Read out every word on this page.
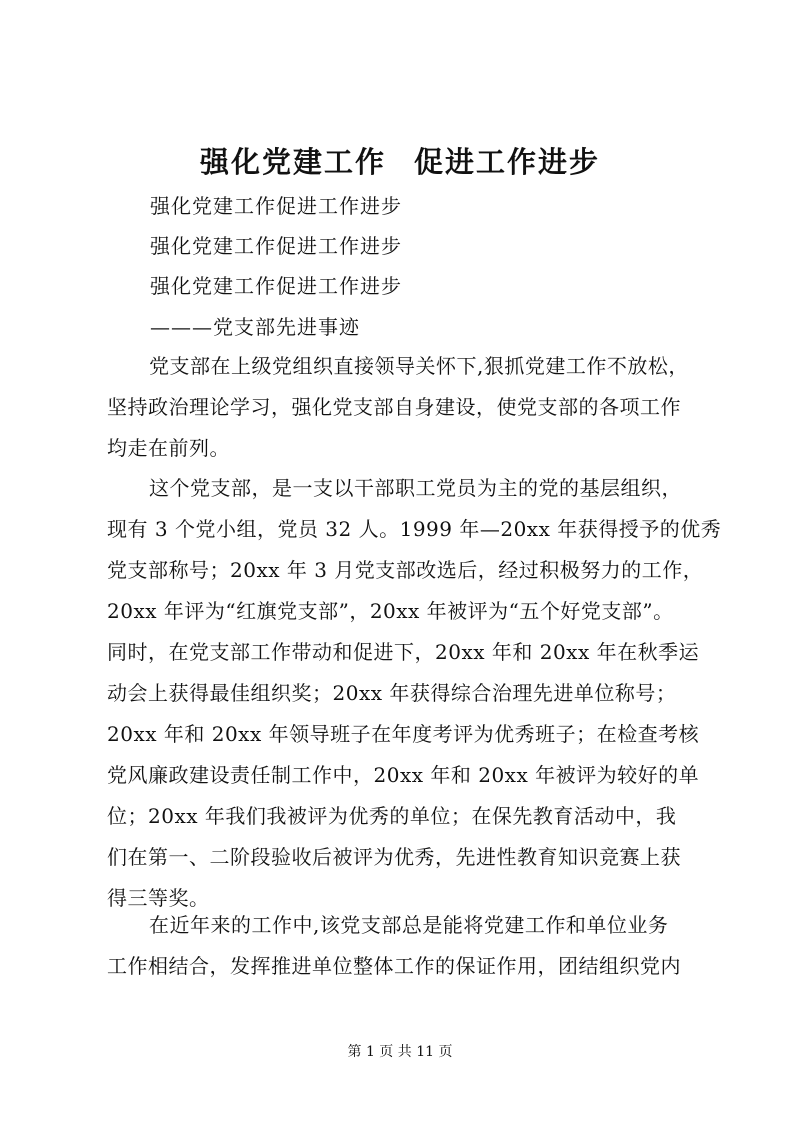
强化党建工作 促进工作进步
强化党建工作促进工作进步
强化党建工作促进工作进步
强化党建工作促进工作进步
———党支部先进事迹
党支部在上级党组织直接领导关怀下,狠抓党建工作不放松，
坚持政治理论学习，强化党支部自身建设，使党支部的各项工作
均走在前列。
这个党支部，是一支以干部职工党员为主的党的基层组织，
现有 3 个党小组，党员 32 人。1999 年—20xx 年获得授予的优秀
党支部称号；20xx 年 3 月党支部改选后，经过积极努力的工作，
20xx 年评为“红旗党支部”，20xx 年被评为“五个好党支部”。
同时，在党支部工作带动和促进下，20xx 年和 20xx 年在秋季运
动会上获得最佳组织奖；20xx 年获得综合治理先进单位称号；
20xx 年和 20xx 年领导班子在年度考评为优秀班子；在检查考核
党风廉政建设责任制工作中，20xx 年和 20xx 年被评为较好的单
位；20xx 年我们我被评为优秀的单位；在保先教育活动中，我
们在第一、二阶段验收后被评为优秀，先进性教育知识竞赛上获
得三等奖。
在近年来的工作中,该党支部总是能将党建工作和单位业务
工作相结合，发挥推进单位整体工作的保证作用，团结组织党内
第 1 页 共 11 页
